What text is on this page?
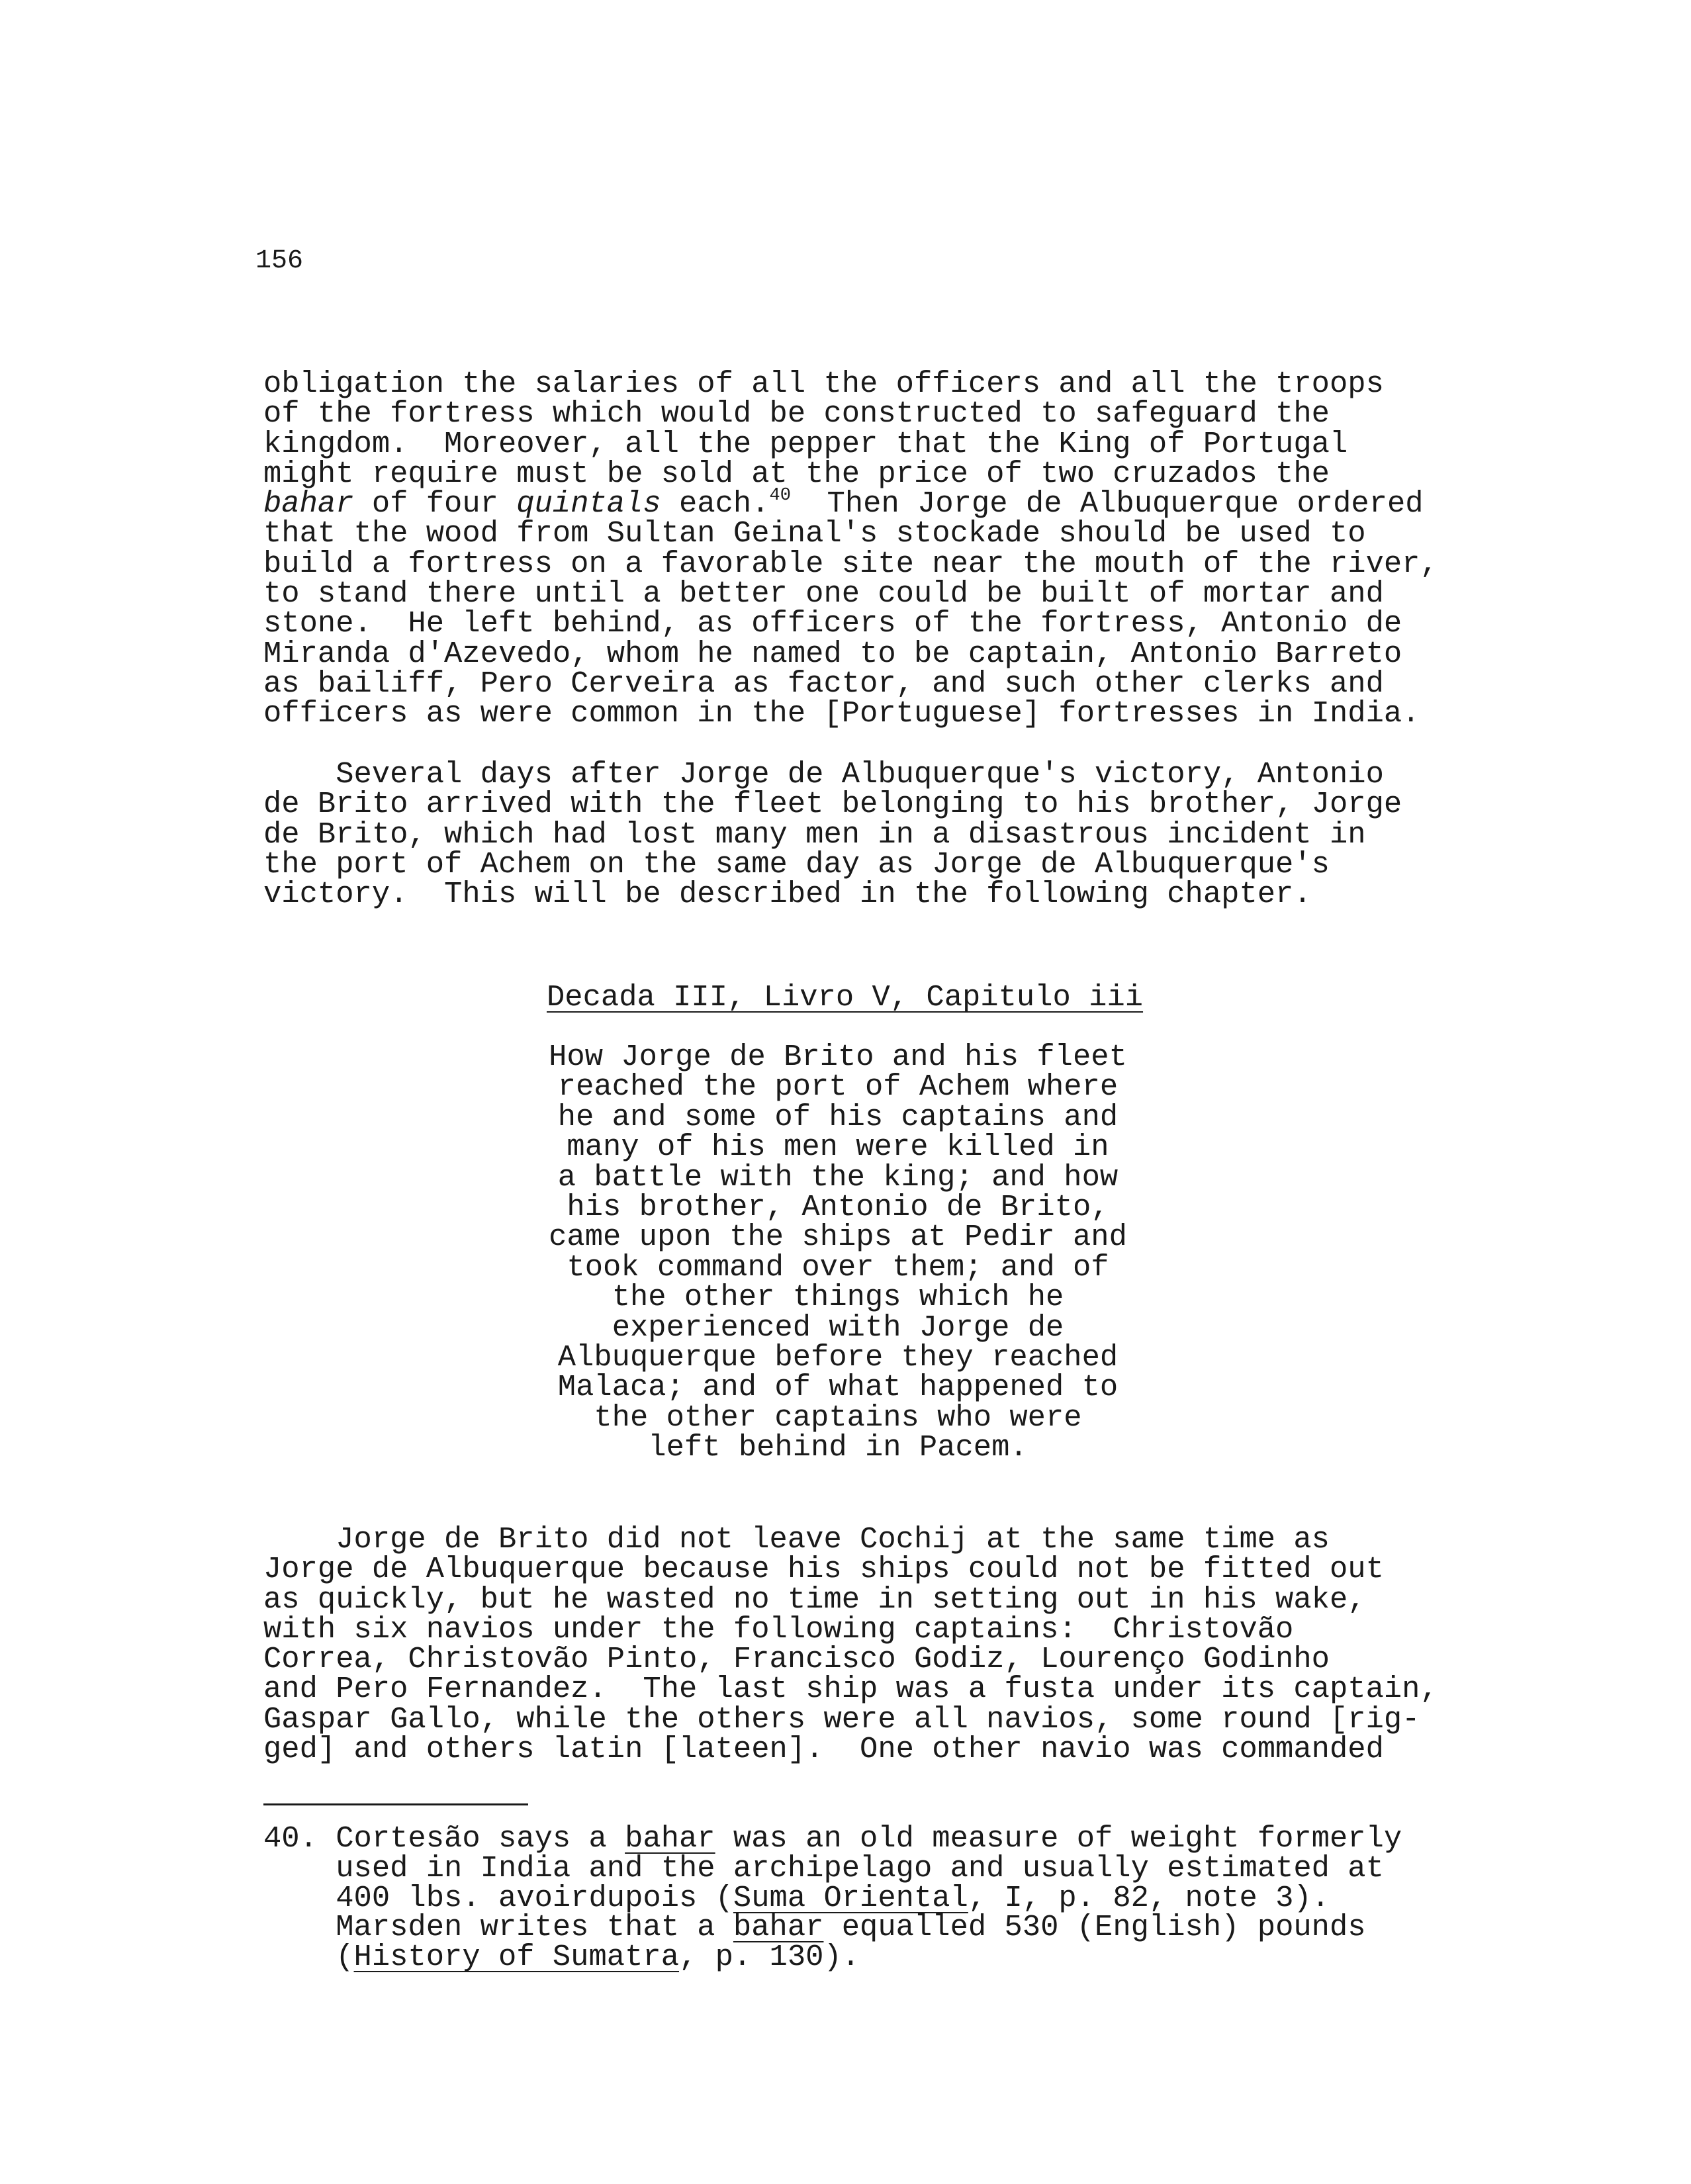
156
obligation the salaries of all the officers and all the troops
of the fortress which would be constructed to safeguard the
kingdom.  Moreover, all the pepper that the King of Portugal
might require must be sold at the price of two cruzados the
bahar of four quintals each.$^{40}$  Then Jorge de Albuquerque ordered
that the wood from Sultan Geinal's stockade should be used to
build a fortress on a favorable site near the mouth of the river,
to stand there until a better one could be built of mortar and
stone.  He left behind, as officers of the fortress, Antonio de
Miranda d'Azevedo, whom he named to be captain, Antonio Barreto
as bailiff, Pero Cerveira as factor, and such other clerks and
officers as were common in the [Portuguese] fortresses in India.
Several days after Jorge de Albuquerque's victory, Antonio
de Brito arrived with the fleet belonging to his brother, Jorge
de Brito, which had lost many men in a disastrous incident in
the port of Achem on the same day as Jorge de Albuquerque's
victory.  This will be described in the following chapter.
Decada III, Livro V, Capitulo iii
How Jorge de Brito and his fleet
reached the port of Achem where
he and some of his captains and
many of his men were killed in
a battle with the king; and how
his brother, Antonio de Brito,
came upon the ships at Pedir and
took command over them; and of
the other things which he
experienced with Jorge de
Albuquerque before they reached
Malaca; and of what happened to
the other captains who were
left behind in Pacem.
Jorge de Brito did not leave Cochij at the same time as
Jorge de Albuquerque because his ships could not be fitted out
as quickly, but he wasted no time in setting out in his wake,
with six navios under the following captains:  Christovão
Correa, Christovão Pinto, Francisco Godiz, Lourenço Godinho
and Pero Fernandez.  The last ship was a fusta under its captain,
Gaspar Gallo, while the others were all navios, some round [rig-
ged] and others latin [lateen].  One other navio was commanded
40. Cortesão says a bahar was an old measure of weight formerly
used in India and the archipelago and usually estimated at
400 lbs. avoirdupois (Suma Oriental, I, p. 82, note 3).
Marsden writes that a bahar equalled 530 (English) pounds
(History of Sumatra, p. 130).
